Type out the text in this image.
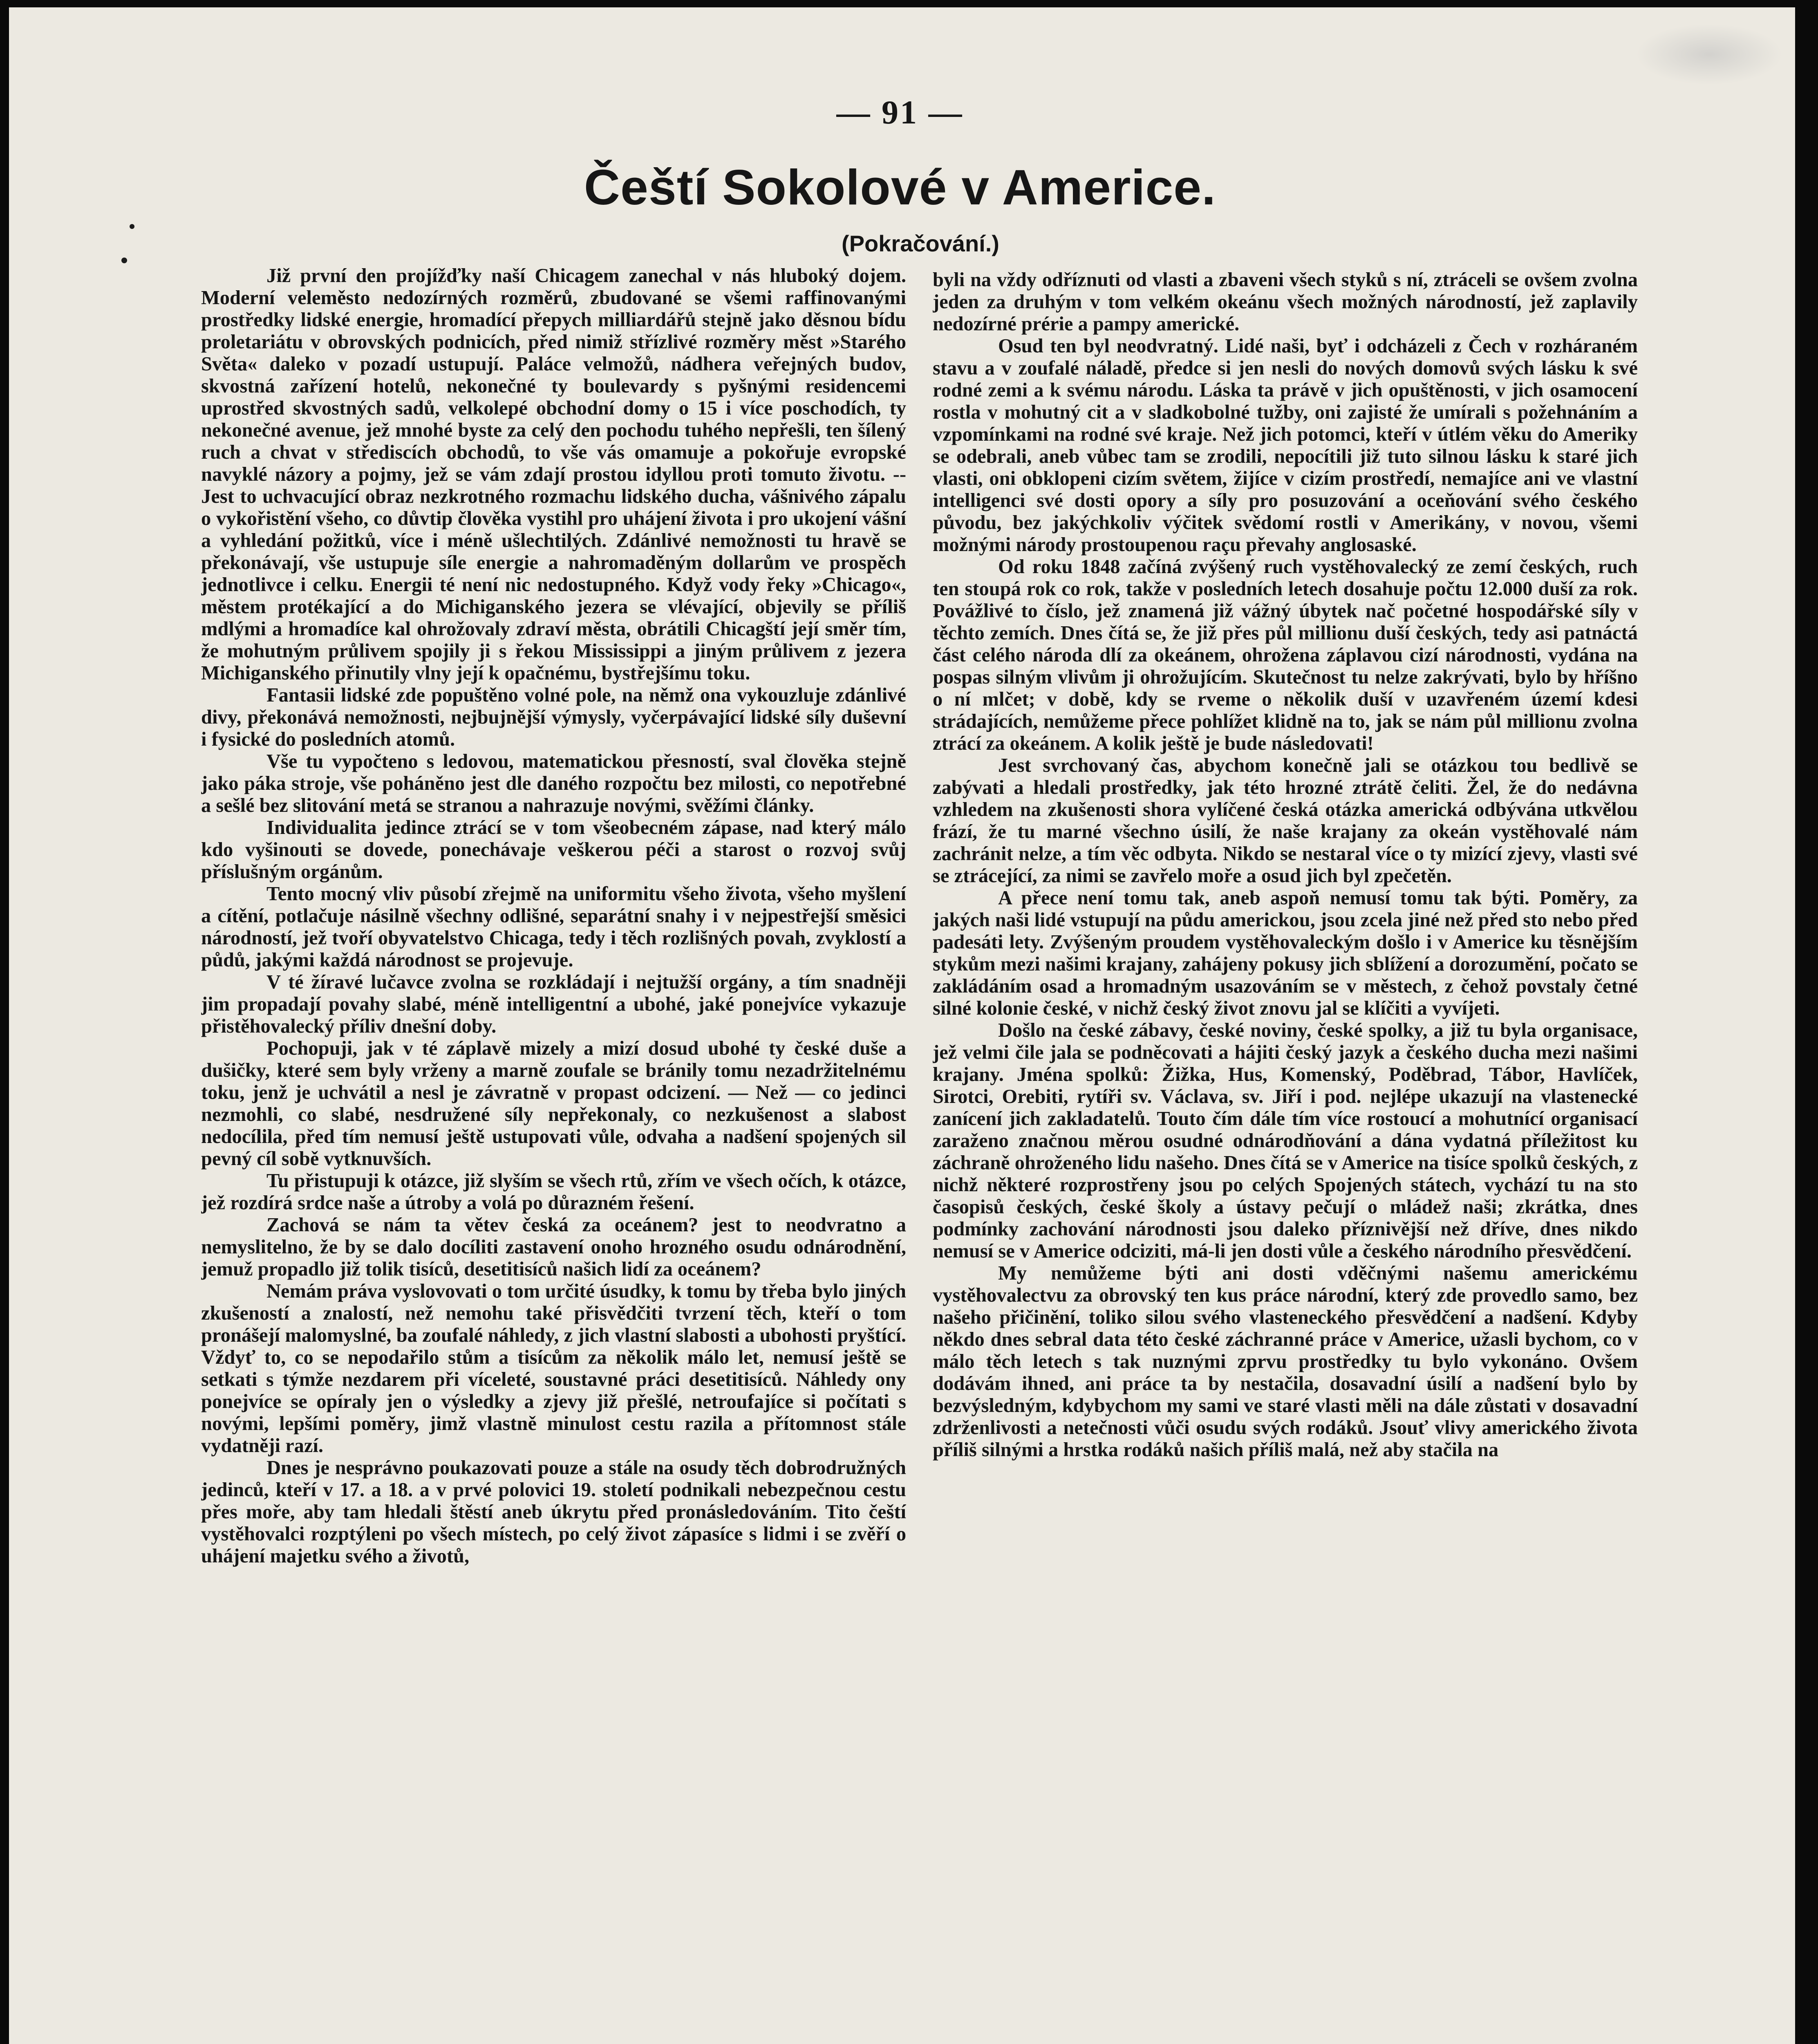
— 91 —
Čeští Sokolové v Americe.
(Pokračování.)

Již první den projížďky naší Chicagem zanechal v nás hluboký dojem. Moderní veleměsto nedozírných rozměrů, zbudované se všemi raffinovanými prostředky lidské energie, hromadící přepych milliardářů stejně jako děsnou bídu proletariátu v obrovských podnicích, před nimiž střízlivé rozměry měst »Starého Světa« daleko v pozadí ustupují. Paláce velmožů, nádhera veřejných budov, skvostná zařízení hotelů, nekonečné ty boulevardy s pyšnými residencemi uprostřed skvostných sadů, velkolepé obchodní domy o 15 i více poschodích, ty nekonečné avenue, jež mnohé byste za celý den pochodu tuhého nepřešli, ten šílený ruch a chvat v střediscích obchodů, to vše vás omamuje a pokořuje evropské navyklé názory a pojmy, jež se vám zdají prostou idyllou proti tomuto životu. -- Jest to uchvacující obraz nezkrotného rozmachu lidského ducha, vášnivého zápalu o vykořistění všeho, co důvtip člověka vystihl pro uhájení života i pro ukojení vášní a vyhledání požitků, více i méně ušlechtilých. Zdánlivé nemožnosti tu hravě se překonávají, vše ustupuje síle energie a nahromaděným dollarům ve prospěch jednotlivce i celku. Energii té není nic nedostupného. Když vody řeky »Chicago«, městem protékající a do Michiganského jezera se vlévající, objevily se příliš mdlými a hromadíce kal ohrožovaly zdraví města, obrátili Chicagští její směr tím, že mohutným průlivem spojily ji s řekou Mississippi a jiným průlivem z jezera Michiganského přinutily vlny její k opačnému, bystřejšímu toku.

Fantasii lidské zde popuštěno volné pole, na němž ona vykouzluje zdánlivé divy, překonává nemožnosti, nejbujnější výmysly, vyčerpávající lidské síly duševní i fysické do posledních atomů.

Vše tu vypočteno s ledovou, matematickou přesností, sval člověka stejně jako páka stroje, vše poháněno jest dle daného rozpočtu bez milosti, co nepotřebné a sešlé bez slitování metá se stranou a nahrazuje novými, svěžími články.

Individualita jedince ztrácí se v tom všeobecném zápase, nad který málo kdo vyšinouti se dovede, ponechávaje veškerou péči a starost o rozvoj svůj příslušným orgánům.

Tento mocný vliv působí zřejmě na uniformitu všeho života, všeho myšlení a cítění, potlačuje násilně všechny odlišné, separátní snahy i v nejpestřejší směsici národností, jež tvoří obyvatelstvo Chicaga, tedy i těch rozlišných povah, zvyklostí a půdů, jakými každá národnost se projevuje.

V té žíravé lučavce zvolna se rozkládají i nejtužší orgány, a tím snadněji jim propadají povahy slabé, méně intelligentní a ubohé, jaké ponejvíce vykazuje přistěhovalecký příliv dnešní doby.

Pochopuji, jak v té záplavě mizely a mizí dosud ubohé ty české duše a dušičky, které sem byly vrženy a marně zoufale se bránily tomu nezadržitelnému toku, jenž je uchvátil a nesl je závratně v propast odcizení. — Než — co jedinci nezmohli, co slabé, nesdružené síly nepřekonaly, co nezkušenost a slabost nedocílila, před tím nemusí ještě ustupovati vůle, odvaha a nadšení spojených sil pevný cíl sobě vytknuvších.

Tu přistupuji k otázce, již slyším se všech rtů, zřím ve všech očích, k otázce, jež rozdírá srdce naše a útroby a volá po důrazném řešení.

Zachová se nám ta větev česká za oceánem? jest to neodvratno a nemyslitelno, že by se dalo docíliti zastavení onoho hrozného osudu odnárodnění, jemuž propadlo již tolik tisíců, desetitisíců našich lidí za oceánem?

Nemám práva vyslovovati o tom určité úsudky, k tomu by třeba bylo jiných zkušeností a znalostí, než nemohu také přisvědčiti tvrzení těch, kteří o tom pronášejí malomyslné, ba zoufalé náhledy, z jich vlastní slabosti a ubohosti pryštící. Vždyť to, co se nepodařilo stům a tisícům za několik málo let, nemusí ještě se setkati s týmže nezdarem při víceleté, soustavné práci desetitisíců. Náhledy ony ponejvíce se opíraly jen o výsledky a zjevy již přešlé, netroufajíce si počítati s novými, lepšími poměry, jimž vlastně minulost cestu razila a přítomnost stále vydatněji razí.

Dnes je nesprávno poukazovati pouze a stále na osudy těch dobrodružných jedinců, kteří v 17. a 18. a v prvé polovici 19. století podnikali nebezpečnou cestu přes moře, aby tam hledali štěstí aneb úkrytu před pronásledováním. Tito čeští vystěhovalci rozptýleni po všech místech, po celý život zápasíce s lidmi i se zvěří o uhájení majetku svého a životů,

byli na vždy odříznuti od vlasti a zbaveni všech styků s ní, ztráceli se ovšem zvolna jeden za druhým v tom velkém okeánu všech možných národností, jež zaplavily nedozírné prérie a pampy americké.

Osud ten byl neodvratný. Lidé naši, byť i odcházeli z Čech v rozháraném stavu a v zoufalé náladě, předce si jen nesli do nových domovů svých lásku k své rodné zemi a k svému národu. Láska ta právě v jich opuštěnosti, v jich osamocení rostla v mohutný cit a v sladkobolné tužby, oni zajisté že umírali s požehnáním a vzpomínkami na rodné své kraje. Než jich potomci, kteří v útlém věku do Ameriky se odebrali, aneb vůbec tam se zrodili, nepocítili již tuto silnou lásku k staré jich vlasti, oni obklopeni cizím světem, žijíce v cizím prostředí, nemajíce ani ve vlastní intelligenci své dosti opory a síly pro posuzování a oceňování svého českého původu, bez jakýchkoliv výčitek svědomí rostli v Amerikány, v novou, všemi možnými národy prostoupenou raçu převahy anglosaské.

Od roku 1848 začíná zvýšený ruch vystěhovalecký ze zemí českých, ruch ten stoupá rok co rok, takže v posledních letech dosahuje počtu 12.000 duší za rok. Povážlivé to číslo, jež znamená již vážný úbytek nač početné hospodářské síly v těchto zemích. Dnes čítá se, že již přes půl millionu duší českých, tedy asi patnáctá část celého národa dlí za okeánem, ohrožena záplavou cizí národnosti, vydána na pospas silným vlivům ji ohrožujícím. Skutečnost tu nelze zakrývati, bylo by hříšno o ní mlčet; v době, kdy se rveme o několik duší v uzavřeném území kdesi strádajících, nemůžeme přece pohlížet klidně na to, jak se nám půl millionu zvolna ztrácí za okeánem. A kolik ještě je bude následovati!

Jest svrchovaný čas, abychom konečně jali se otázkou tou bedlivě se zabývati a hledali prostředky, jak této hrozné ztrátě čeliti. Žel, že do nedávna vzhledem na zkušenosti shora vylíčené česká otázka americká odbývána utkvělou frází, že tu marné všechno úsilí, že naše krajany za okeán vystěhovalé nám zachránit nelze, a tím věc odbyta. Nikdo se nestaral více o ty mizící zjevy, vlasti své se ztrácející, za nimi se zavřelo moře a osud jich byl zpečetěn.

A přece není tomu tak, aneb aspoň nemusí tomu tak býti. Poměry, za jakých naši lidé vstupují na půdu americkou, jsou zcela jiné než před sto nebo před padesáti lety. Zvýšeným proudem vystěhovaleckým došlo i v Americe ku těsnějším stykům mezi našimi krajany, zahájeny pokusy jich sblížení a dorozumění, počato se zakládáním osad a hromadným usazováním se v městech, z čehož povstaly četné silné kolonie české, v nichž český život znovu jal se klíčiti a vyvíjeti.

Došlo na české zábavy, české noviny, české spolky, a již tu byla organisace, jež velmi čile jala se podněcovati a hájiti český jazyk a českého ducha mezi našimi krajany. Jména spolků: Žižka, Hus, Komenský, Poděbrad, Tábor, Havlíček, Sirotci, Orebiti, rytíři sv. Václava, sv. Jiří i pod. nejlépe ukazují na vlastenecké zanícení jich zakladatelů. Touto čím dále tím více rostoucí a mohutnící organisací zaraženo značnou měrou osudné odnárodňování a dána vydatná příležitost ku záchraně ohroženého lidu našeho. Dnes čítá se v Americe na tisíce spolků českých, z nichž některé rozprostřeny jsou po celých Spojených státech, vychází tu na sto časopisů českých, české školy a ústavy pečují o mládež naši; zkrátka, dnes podmínky zachování národnosti jsou daleko příznivější než dříve, dnes nikdo nemusí se v Americe odciziti, má-li jen dosti vůle a českého národního přesvědčení.

My nemůžeme býti ani dosti vděčnými našemu americkému vystěhovalectvu za obrovský ten kus práce národní, který zde provedlo samo, bez našeho přičinění, toliko silou svého vlasteneckého přesvědčení a nadšení. Kdyby někdo dnes sebral data této české záchranné práce v Americe, užasli bychom, co v málo těch letech s tak nuznými zprvu prostředky tu bylo vykonáno. Ovšem dodávám ihned, ani práce ta by nestačila, dosavadní úsilí a nadšení bylo by bezvýsledným, kdybychom my sami ve staré vlasti měli na dále zůstati v dosavadní zdrženlivosti a netečnosti vůči osudu svých rodáků. Jsouť vlivy amerického života příliš silnými a hrstka rodáků našich příliš malá, než aby stačila na
